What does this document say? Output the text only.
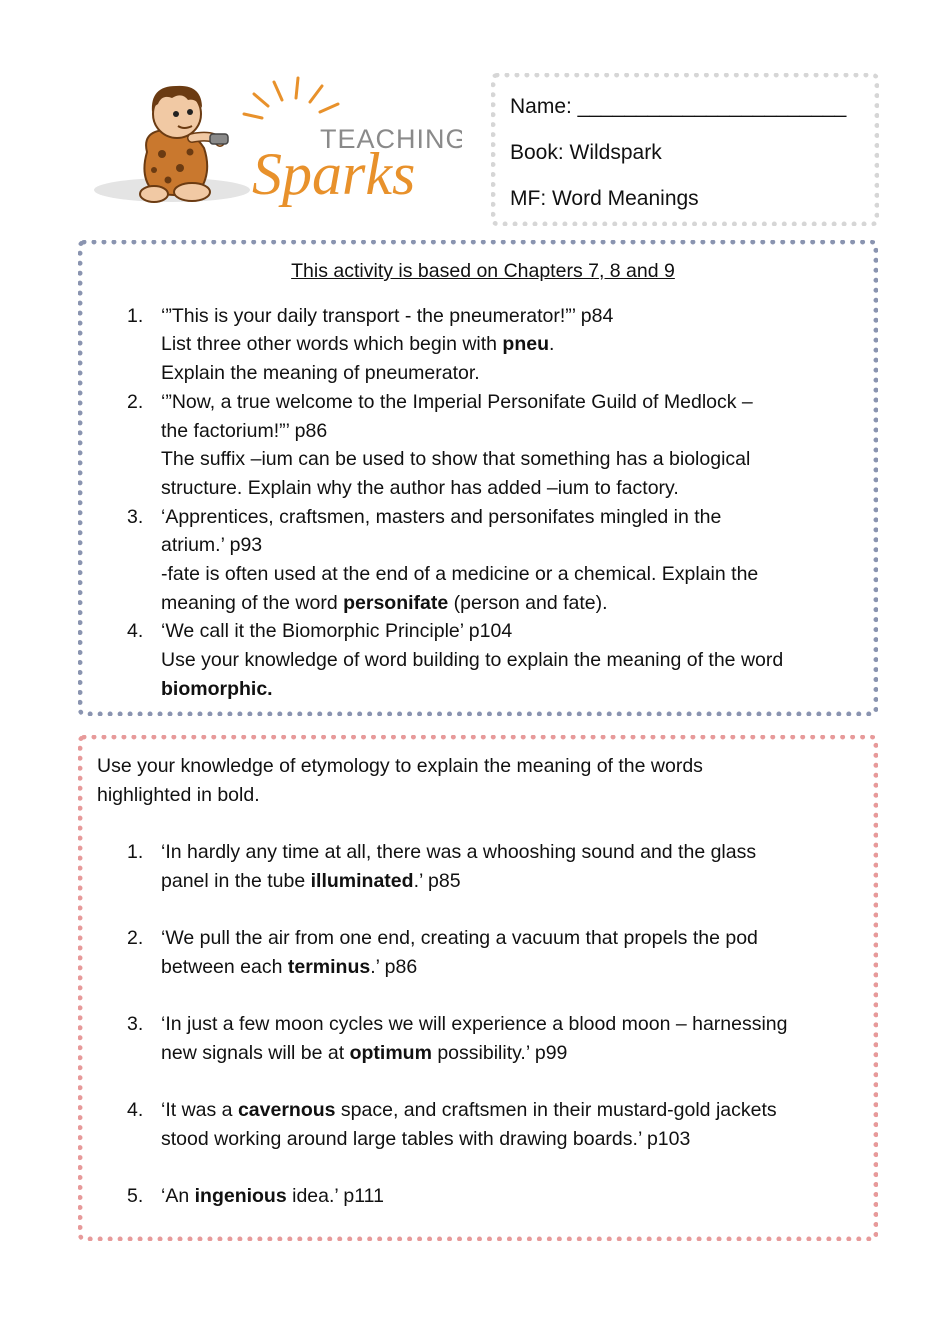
TEACHING
Sparks
Name: _______________________
Book: Wildspark
MF: Word Meanings
This activity is based on Chapters 7, 8 and 9
1. ‘”This is your daily transport - the pneumerator!”’ p84
List three other words which begin with pneu.
Explain the meaning of pneumerator.
2. ‘”Now, a true welcome to the Imperial Personifate Guild of Medlock –
the factorium!”’ p86
The suffix –ium can be used to show that something has a biological
structure. Explain why the author has added –ium to factory.
3. ‘Apprentices, craftsmen, masters and personifates mingled in the
atrium.’ p93
-fate is often used at the end of a medicine or a chemical. Explain the
meaning of the word personifate (person and fate).
4. ‘We call it the Biomorphic Principle’ p104
Use your knowledge of word building to explain the meaning of the word
biomorphic.
Use your knowledge of etymology to explain the meaning of the words
highlighted in bold.
1. ‘In hardly any time at all, there was a whooshing sound and the glass
panel in the tube illuminated.’ p85
2. ‘We pull the air from one end, creating a vacuum that propels the pod
between each terminus.’ p86
3. ‘In just a few moon cycles we will experience a blood moon – harnessing
new signals will be at optimum possibility.’ p99
4. ‘It was a cavernous space, and craftsmen in their mustard-gold jackets
stood working around large tables with drawing boards.’ p103
5. ‘An ingenious idea.’ p111
